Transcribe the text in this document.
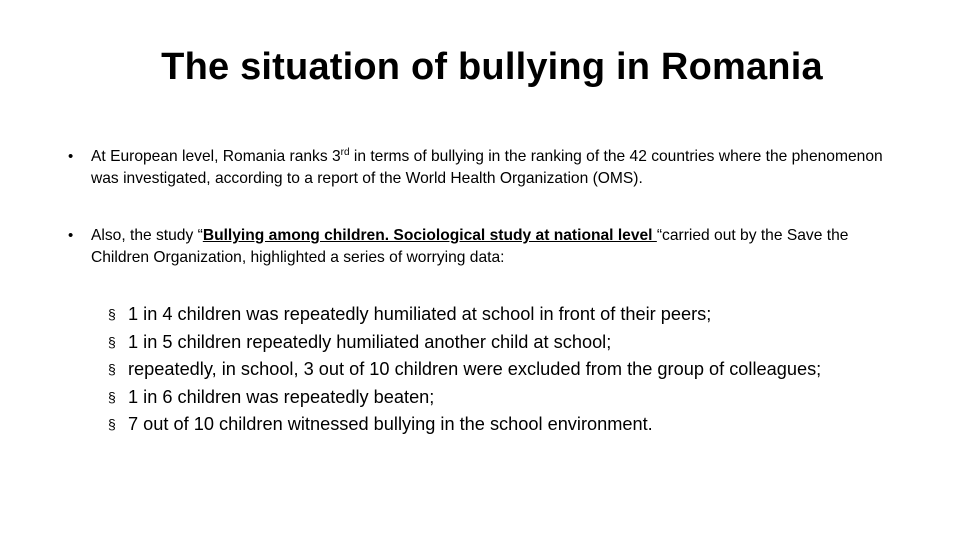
The situation of bullying in Romania
•	At European level, Romania ranks 3rd in terms of bullying in the ranking of the 42 countries where the phenomenon was investigated, according to a report of the World Health Organization (OMS).
•	Also, the study “Bullying among children. Sociological study at national level “carried out by the Save the Children Organization, highlighted a series of worrying data:
§ 1 in 4 children was repeatedly humiliated at school in front of their peers;
§ 1 in 5 children repeatedly humiliated another child at school;
§ repeatedly, in school, 3 out of 10 children were excluded from the group of colleagues;
§ 1 in 6 children was repeatedly beaten;
§ 7 out of 10 children witnessed bullying in the school environment.
